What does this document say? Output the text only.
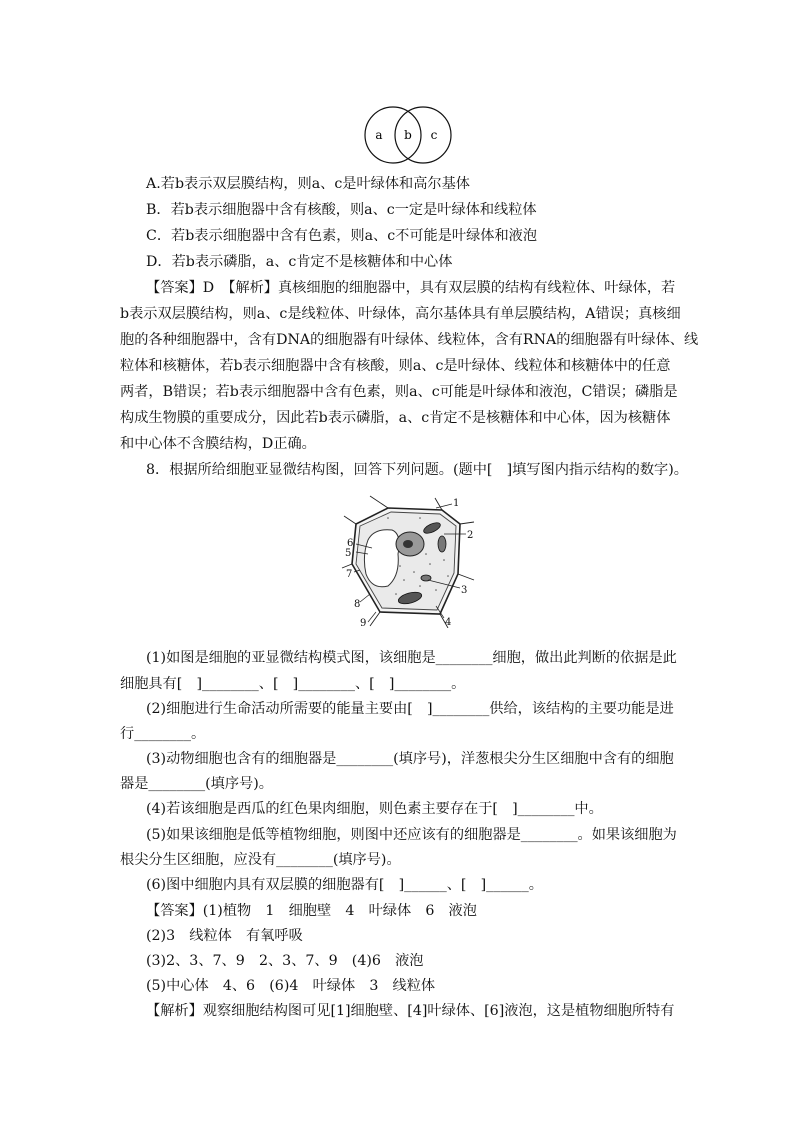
a b c
A.若b表示双层膜结构，则a、c是叶绿体和高尔基体
B．若b表示细胞器中含有核酸，则a、c一定是叶绿体和线粒体
C．若b表示细胞器中含有色素，则a、c不可能是叶绿体和液泡
D．若b表示磷脂，a、c肯定不是核糖体和中心体
【答案】D　【解析】真核细胞的细胞器中，具有双层膜的结构有线粒体、叶绿体，若
b表示双层膜结构，则a、c是线粒体、叶绿体，高尔基体具有单层膜结构，A错误；真核细
胞的各种细胞器中，含有DNA的细胞器有叶绿体、线粒体，含有RNA的细胞器有叶绿体、线
粒体和核糖体，若b表示细胞器中含有核酸，则a、c是叶绿体、线粒体和核糖体中的任意
两者，B错误；若b表示细胞器中含有色素，则a、c可能是叶绿体和液泡，C错误；磷脂是
构成生物膜的重要成分，因此若b表示磷脂，a、c肯定不是核糖体和中心体，因为核糖体
和中心体不含膜结构，D正确。
8．根据所给细胞亚显微结构图，回答下列问题。(题中[　]填写图内指示结构的数字)。
1
2
3
4
5
6
7
8
9
(1)如图是细胞的亚显微结构模式图，该细胞是________细胞，做出此判断的依据是此
细胞具有[　]________、[　]________、[　]________。
(2)细胞进行生命活动所需要的能量主要由[　]________供给，该结构的主要功能是进
行________。
(3)动物细胞也含有的细胞器是________(填序号)，洋葱根尖分生区细胞中含有的细胞
器是________(填序号)。
(4)若该细胞是西瓜的红色果肉细胞，则色素主要存在于[　]________中。
(5)如果该细胞是低等植物细胞，则图中还应该有的细胞器是________。如果该细胞为
根尖分生区细胞，应没有________(填序号)。
(6)图中细胞内具有双层膜的细胞器有[　]______、[　]______。
【答案】(1)植物　1　细胞壁　4　叶绿体　6　液泡
(2)3　线粒体　有氧呼吸
(3)2、3、7、9　2、3、7、9　(4)6　液泡
(5)中心体　4、6　(6)4　叶绿体　3　线粒体
【解析】观察细胞结构图可见[1]细胞壁、[4]叶绿体、[6]液泡，这是植物细胞所特有
